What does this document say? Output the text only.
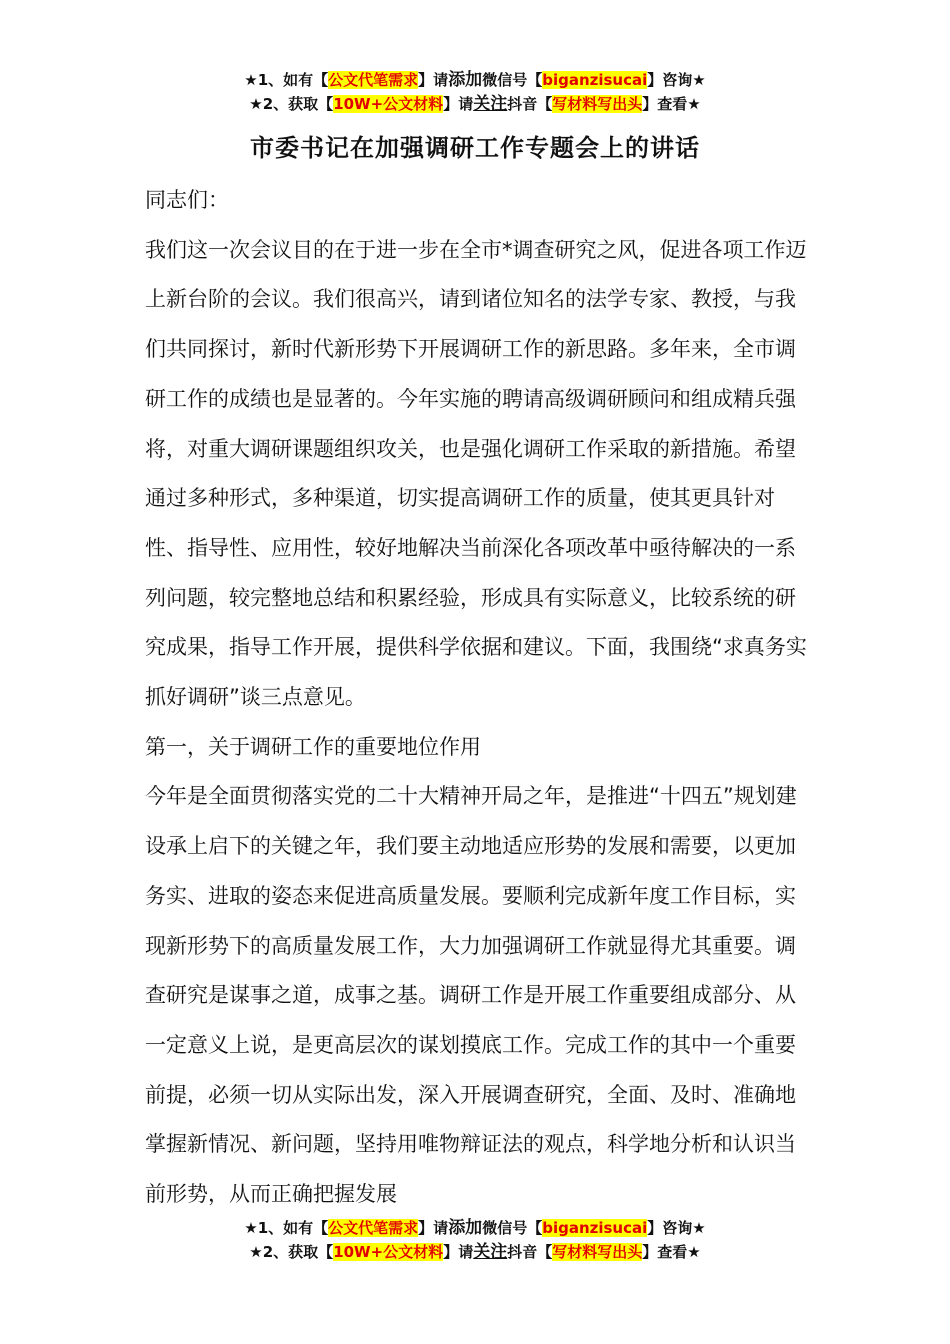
★1、如有【公文代笔需求】请添加微信号【biganzisucai】咨询★
★2、获取【10W+公文材料】请关注抖音【写材料写出头】查看★
市委书记在加强调研工作专题会上的讲话

同志们：

我们这一次会议目的在于进一步在全市*调查研究之风，促进各项工作迈上新台阶的会议。我们很高兴，请到诸位知名的法学专家、教授，与我们共同探讨，新时代新形势下开展调研工作的新思路。多年来，全市调研工作的成绩也是显著的。今年实施的聘请高级调研顾问和组成精兵强将，对重大调研课题组织攻关，也是强化调研工作采取的新措施。希望通过多种形式，多种渠道，切实提高调研工作的质量，使其更具针对性、指导性、应用性，较好地解决当前深化各项改革中亟待解决的一系列问题，较完整地总结和积累经验，形成具有实际意义，比较系统的研究成果，指导工作开展，提供科学依据和建议。下面，我围绕“求真务实 抓好调研”谈三点意见。

第一，关于调研工作的重要地位作用

今年是全面贯彻落实党的二十大精神开局之年，是推进“十四五”规划建设承上启下的关键之年，我们要主动地适应形势的发展和需要，以更加务实、进取的姿态来促进高质量发展。要顺利完成新年度工作目标，实现新形势下的高质量发展工作，大力加强调研工作就显得尤其重要。调查研究是谋事之道，成事之基。调研工作是开展工作重要组成部分、从一定意义上说，是更高层次的谋划摸底工作。完成工作的其中一个重要前提，必须一切从实际出发，深入开展调查研究，全面、及时、准确地掌握新情况、新问题，坚持用唯物辩证法的观点，科学地分析和认识当前形势，从而正确把握发展

★1、如有【公文代笔需求】请添加微信号【biganzisucai】咨询★
★2、获取【10W+公文材料】请关注抖音【写材料写出头】查看★
